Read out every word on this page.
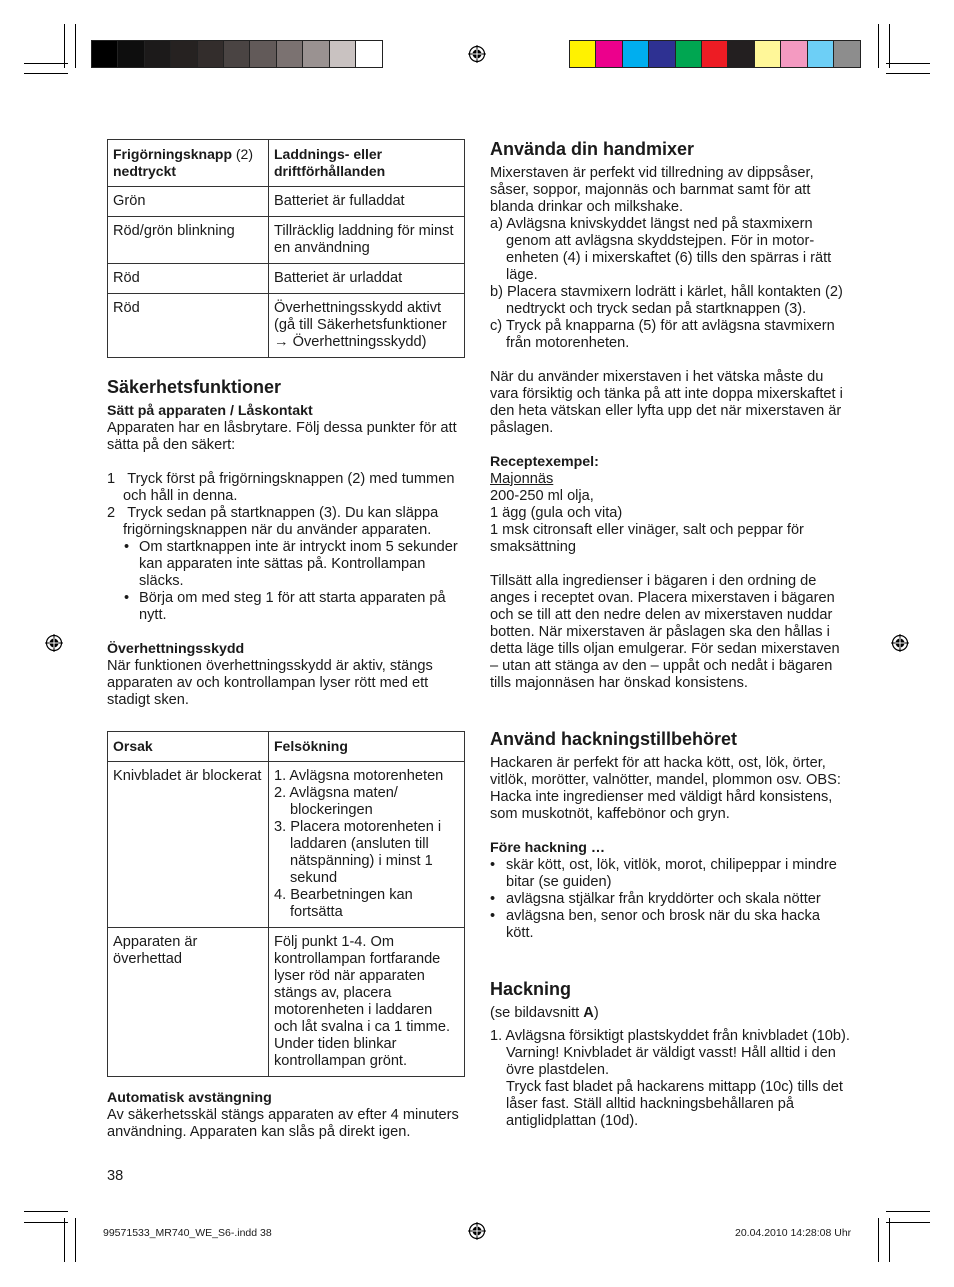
Frigörningsknapp (2)
nedtryckt	Laddnings- eller driftförhållanden
Grön	Batteriet är fulladdat
Röd/grön blinkning	Tillräcklig laddning för minst en användning
Röd	Batteriet är urladdat
Röd	Överhettningsskydd aktivt (gå till Säkerhetsfunktioner → Överhettningsskydd)
Säkerhetsfunktioner

Sätt på apparaten / Låskontakt

Apparaten har en låsbrytare. Följ dessa punkter för att sätta på den säkert:

1 Tryck först på frigörningsknappen (2) med tummen och håll in denna.
2 Tryck sedan på startknappen (3). Du kan släppa frigörningsknappen när du använder apparaten.
• Om startknappen inte är intryckt inom 5 sekunder kan apparaten inte sättas på. Kontrollampan släcks.
• Börja om med steg 1 för att starta apparaten på nytt.

Överhettningsskydd

När funktionen överhettningsskydd är aktiv, stängs apparaten av och kontrollampan lyser rött med ett stadigt sken.

Orsak	Felsökning
Knivbladet är blockerat	1. Avlägsna motorenheten
2. Avlägsna maten/ blockeringen
3. Placera motorenheten i laddaren (ansluten till nätspänning) i minst 1 sekund
4. Bearbetningen kan fortsätta

Apparaten är överhettad	Följ punkt 1-4. Om kontrollampan fortfarande lyser röd när apparaten stängs av, placera motorenheten i laddaren och låt svalna i ca 1 timme. Under tiden blinkar kontrollampan grönt.

Automatisk avstängning

Av säkerhetsskäl stängs apparaten av efter 4 minuters användning. Apparaten kan slås på direkt igen.

Använda din handmixer

Mixerstaven är perfekt vid tillredning av dippsåser, såser, soppor, majonnäs och barnmat samt för att blanda drinkar och milkshake.

a) Avlägsna knivskyddet längst ned på staxmixern genom att avlägsna skyddstejpen. För in motorenheten (4) i mixerskaftet (6) tills den spärras i rätt läge.
b) Placera stavmixern lodrätt i kärlet, håll kontakten (2) nedtryckt och tryck sedan på startknappen (3).
c) Tryck på knapparna (5) för att avlägsna stavmixern från motorenheten.

När du använder mixerstaven i het vätska måste du vara försiktig och tänka på att inte doppa mixerskaftet i den heta vätskan eller lyfta upp det när mixerstaven är påslagen.

Receptexempel:

Majonnäs

200-250 ml olja,

1 ägg (gula och vita)

1 msk citronsaft eller vinäger, salt och peppar för smaksättning

Tillsätt alla ingredienser i bägaren i den ordning de anges i receptet ovan. Placera mixerstaven i bägaren och se till att den nedre delen av mixerstaven nuddar botten. När mixerstaven är påslagen ska den hållas i detta läge tills oljan emulgerar. För sedan mixerstaven – utan att stänga av den – uppåt och nedåt i bägaren tills majonnäsen har önskad konsistens.

Använd hackningstillbehöret

Hackaren är perfekt för att hacka kött, ost, lök, örter, vitlök, morötter, valnötter, mandel, plommon osv. OBS: Hacka inte ingredienser med väldigt hård konsistens, som muskotnöt, kaffebönor och gryn.

Före hackning …

• skär kött, ost, lök, vitlök, morot, chilipeppar i mindre bitar (se guiden)
• avlägsna stjälkar från kryddörter och skala nötter
• avlägsna ben, senor och brosk när du ska hacka kött.
Hackning

(se bildavsnitt A)

1. Avlägsna försiktigt plastskyddet från knivbladet (10b). Varning! Knivbladet är väldigt vasst! Håll alltid i den övre plastdelen.
Tryck fast bladet på hackarens mittapp (10c) tills det låser fast. Ställ alltid hackningsbehållaren på antiglidplattan (10d).
38
99571533_MR740_WE_S6-.indd 38	20.04.2010 14:28:08 Uhr
